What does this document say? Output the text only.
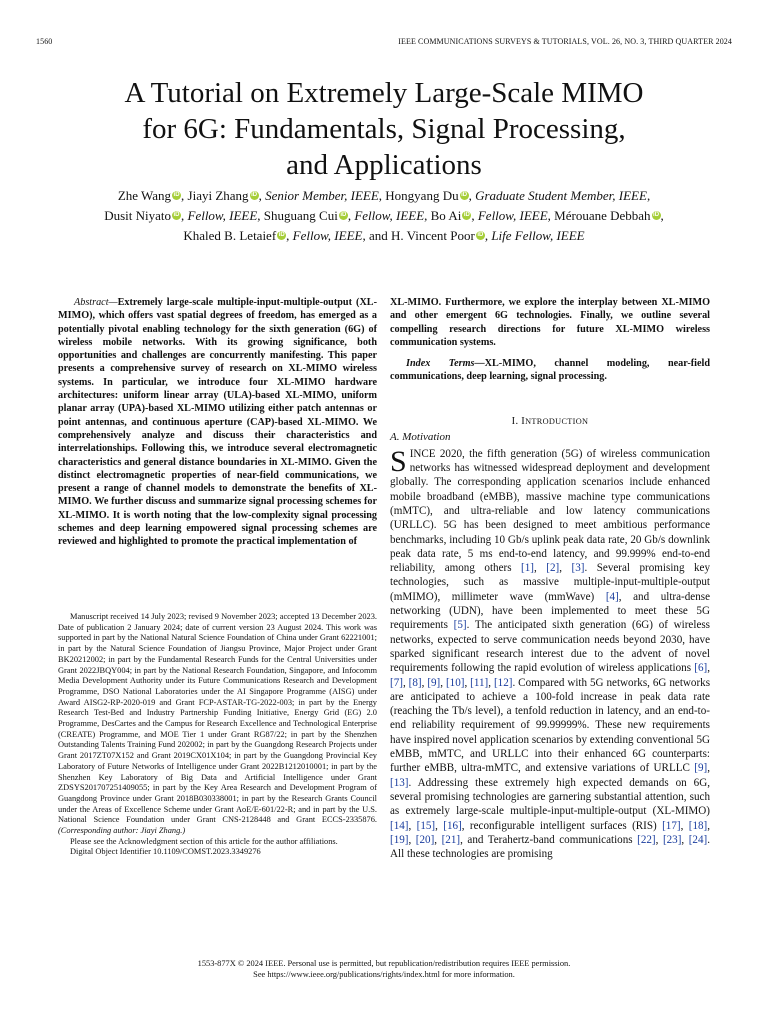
1560	IEEE COMMUNICATIONS SURVEYS & TUTORIALS, VOL. 26, NO. 3, THIRD QUARTER 2024
A Tutorial on Extremely Large-Scale MIMO
for 6G: Fundamentals, Signal Processing,
and Applications
Zhe Wang iD , Jiayi Zhang iD , Senior Member, IEEE, Hongyang Du iD , Graduate Student Member, IEEE,
Dusit Niyato iD , Fellow, IEEE, Shuguang Cui iD , Fellow, IEEE, Bo Ai iD , Fellow, IEEE, Mérouane Debbah iD ,
Khaled B. Letaief iD , Fellow, IEEE, and H. Vincent Poor iD , Life Fellow, IEEE

Abstract—Extremely large-scale multiple-input-multiple-output (XL-MIMO), which offers vast spatial degrees of freedom, has emerged as a potentially pivotal enabling technology for the sixth generation (6G) of wireless mobile networks. With its growing significance, both opportunities and challenges are concurrently manifesting. This paper presents a comprehensive survey of research on XL-MIMO wireless systems. In particular, we introduce four XL-MIMO hardware architectures: uniform linear array (ULA)-based XL-MIMO, uniform planar array (UPA)-based XL-MIMO utilizing either patch antennas or point antennas, and continuous aperture (CAP)-based XL-MIMO. We comprehensively analyze and discuss their characteristics and interrelationships. Following this, we introduce several electromagnetic characteristics and general distance boundaries in XL-MIMO. Given the distinct electromagnetic properties of near-field communications, we present a range of channel models to demonstrate the benefits of XL-MIMO. We further discuss and summarize signal processing schemes for XL-MIMO. It is worth noting that the low-complexity signal processing schemes and deep learning empowered signal processing schemes are reviewed and highlighted to promote the practical implementation of

Manuscript received 14 July 2023; revised 9 November 2023; accepted 13 December 2023. Date of publication 2 January 2024; date of current version 23 August 2024. This work was supported in part by the National Natural Science Foundation of China under Grant 62221001; in part by the Natural Science Foundation of Jiangsu Province, Major Project under Grant BK20212002; in part by the Fundamental Research Funds for the Central Universities under Grant 2022JBQY004; in part by the National Research Foundation, Singapore, and Infocomm Media Development Authority under its Future Communications Research and Development Programme, DSO National Laboratories under the AI Singapore Programme (AISG) under Award AISG2-RP-2020-019 and Grant FCP-ASTAR-TG-2022-003; in part by the Energy Research Test-Bed and Industry Partnership Funding Initiative, Energy Grid (EG) 2.0 Programme, DesCartes and the Campus for Research Excellence and Technological Enterprise (CREATE) Programme, and MOE Tier 1 under Grant RG87/22; in part by the Shenzhen Outstanding Talents Training Fund 202002; in part by the Guangdong Research Projects under Grant 2017ZT07X152 and Grant 2019CX01X104; in part by the Guangdong Provincial Key Laboratory of Future Networks of Intelligence under Grant 2022B1212010001; in part by the Shenzhen Key Laboratory of Big Data and Artificial Intelligence under Grant ZDSYS201707251409055; in part by the Key Area Research and Development Program of Guangdong Province under Grant 2018B030338001; in part by the Research Grants Council under the Areas of Excellence Scheme under Grant AoE/E-601/22-R; and in part by the U.S. National Science Foundation under Grant CNS-2128448 and Grant ECCS-2335876. (Corresponding author: Jiayi Zhang.)

Please see the Acknowledgment section of this article for the author affiliations.

Digital Object Identifier 10.1109/COMST.2023.3349276

XL-MIMO. Furthermore, we explore the interplay between XL-MIMO and other emergent 6G technologies. Finally, we outline several compelling research directions for future XL-MIMO wireless communication systems.

Index Terms—XL-MIMO, channel modeling, near-field communications, deep learning, signal processing.

I. INTRODUCTION
A. Motivation

SINCE 2020, the fifth generation (5G) of wireless communication networks has witnessed widespread deployment and development globally. The corresponding application scenarios include enhanced mobile broadband (eMBB), massive machine type communications (mMTC), and ultra-reliable and low latency communications (URLLC). 5G has been designed to meet ambitious performance benchmarks, including 10 Gb/s uplink peak data rate, 20 Gb/s downlink peak data rate, 5 ms end-to-end latency, and 99.999% end-to-end reliability, among others [1], [2], [3]. Several promising key technologies, such as massive multiple-input-multiple-output (mMIMO), millimeter wave (mmWave) [4], and ultra-dense networking (UDN), have been implemented to meet these 5G requirements [5]. The anticipated sixth generation (6G) of wireless networks, expected to serve communication needs beyond 2030, have sparked significant research interest due to the advent of novel requirements following the rapid evolution of wireless applications [6], [7], [8], [9], [10], [11], [12]. Compared with 5G networks, 6G networks are anticipated to achieve a 100-fold increase in peak data rate (reaching the Tb/s level), a tenfold reduction in latency, and an end-to-end reliability requirement of 99.99999%. These new requirements have inspired novel application scenarios by extending conventional 5G eMBB, mMTC, and URLLC into their enhanced 6G counterparts: further eMBB, ultra-mMTC, and extensive variations of URLLC [9], [13]. Addressing these extremely high expected demands on 6G, several promising technologies are garnering substantial attention, such as extremely large-scale multiple-input-multiple-output (XL-MIMO) [14], [15], [16], reconfigurable intelligent surfaces (RIS) [17], [18], [19], [20], [21], and Terahertz-band communications [22], [23], [24]. All these technologies are promising

1553-877X © 2024 IEEE. Personal use is permitted, but republication/redistribution requires IEEE permission.
See https://www.ieee.org/publications/rights/index.html for more information.
